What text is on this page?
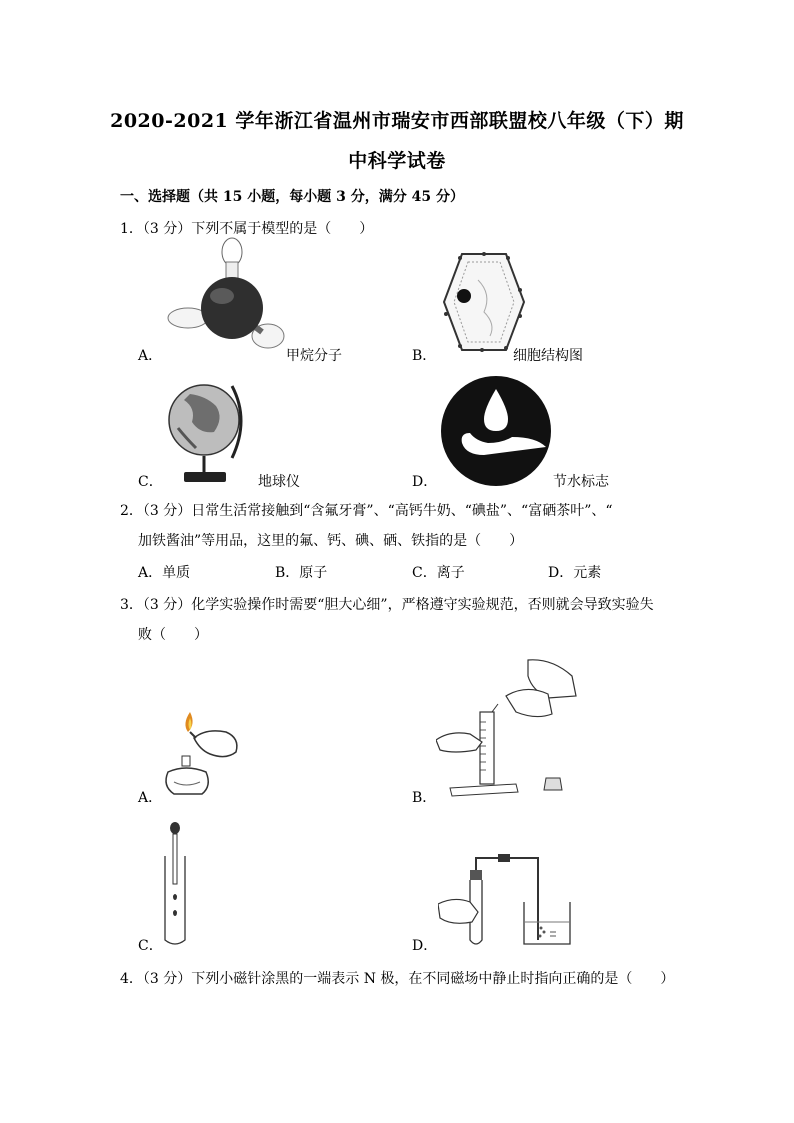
2020-2021 学年浙江省温州市瑞安市西部联盟校八年级（下）期
中科学试卷
一、选择题（共 15 小题，每小题 3 分，满分 45 分）
1．（3 分）下列不属于模型的是（　　）
A．	甲烷分子	B．	细胞结构图
C．	地球仪	D．	节水标志
2．（3 分）日常生活常接触到“含氟牙膏”、“高钙牛奶、“碘盐”、“富硒茶叶”、“
加铁酱油”等用品，这里的氟、钙、碘、硒、铁指的是（　　）
A．单质	B．原子	C．离子	D．元素
3．（3 分）化学实验操作时需要“胆大心细”，严格遵守实验规范，否则就会导致实验失
败（　　）
A．	B．
C．	D．
4．（3 分）下列小磁针涂黑的一端表示 N 极，在不同磁场中静止时指向正确的是（　　）
